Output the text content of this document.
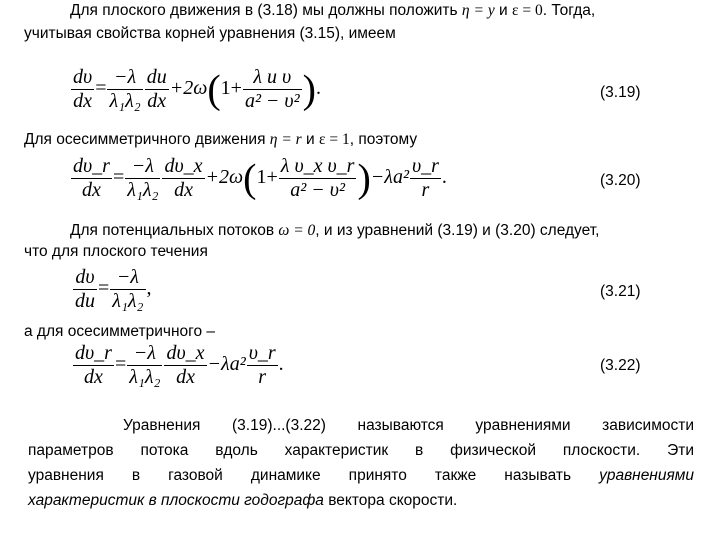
Для плоского движения в (3.18) мы должны положить η = y и ε = 0. Тогда,
учитывая свойства корней уравнения (3.15), имеем
$\frac{d\upsilon}{dx} = \frac{-\lambda}{\text{λ₁λ₂}} \frac{du}{dx} +2\omega(1+ \frac{\text{λ u υ}}{\text{a² − υ²}}$ ).	(3.19)
Для осесимметричного движения η = r и ε = 1, поэтому
$\frac{d\upsilon\_r}{dx} = \frac{-\lambda}{\text{λ₁λ₂}} \frac{d\upsilon\_x}{dx} +2\omega(1+ \frac{\text{λ υ\_x υ\_r}}{\text{a² − υ²}} )-\lambda a^2 \frac{\upsilon\_r}{r}$ .	(3.20)
Для потенциальных потоков ω = 0, и из уравнений (3.19) и (3.20) следует,
что для плоского течения
$\frac{d\upsilon}{du} = \frac{-\lambda}{\text{λ₁λ₂}}$ ,	(3.21)
а для осесимметричного –
$\frac{d\upsilon\_r}{dx} = \frac{-\lambda}{\text{λ₁λ₂}} \frac{d\upsilon\_x}{dx} -\lambda a^2 \frac{\upsilon\_r}{r}$ .	(3.22)
Уравнения (3.19)...(3.22) называются уравнениями зависимости
параметров потока вдоль характеристик в физической плоскости. Эти
уравнения в газовой динамике принято также называть уравнениями
характеристик в плоскости годографа вектора скорости.
